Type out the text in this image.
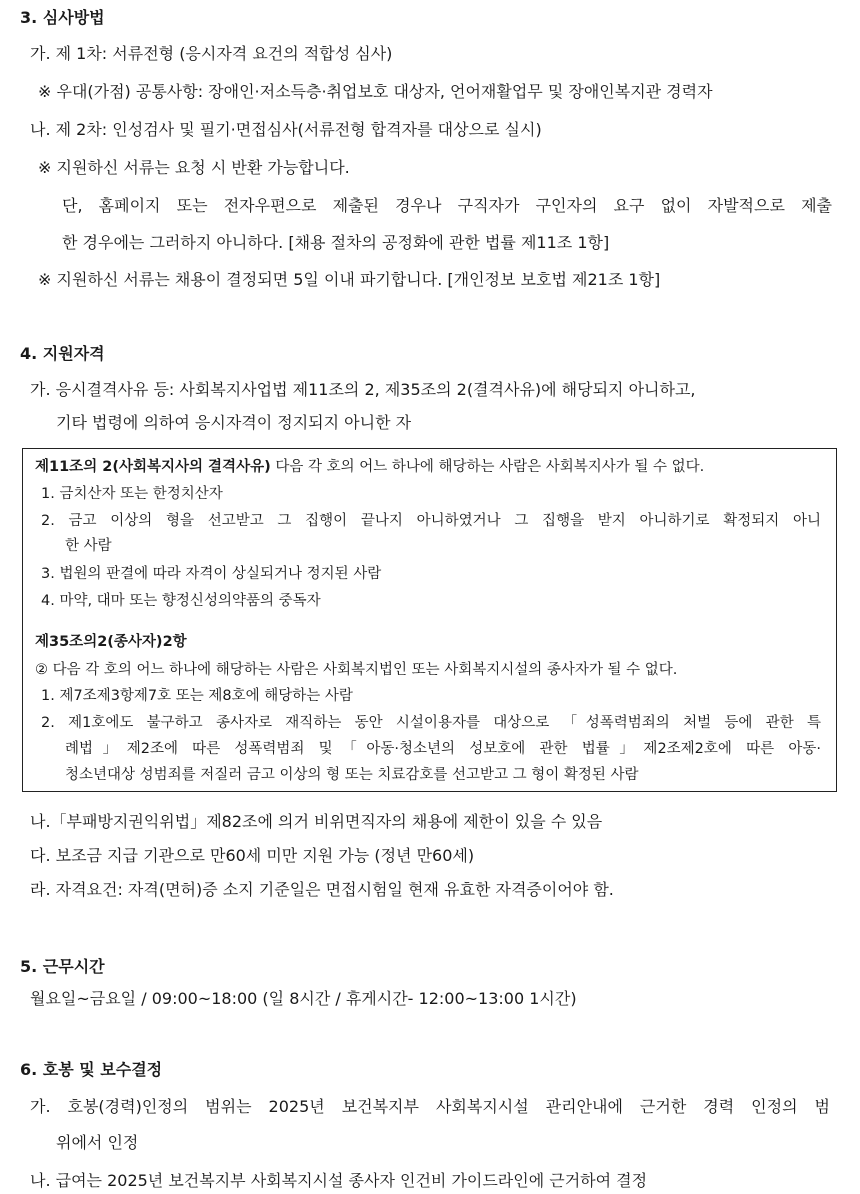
3. 심사방법
가. 제 1차: 서류전형 (응시자격 요건의 적합성 심사)
※ 우대(가점) 공통사항: 장애인·저소득층·취업보호 대상자, 언어재활업무 및 장애인복지관 경력자
나. 제 2차: 인성검사 및 필기·면접심사(서류전형 합격자를 대상으로 실시)
※ 지원하신 서류는 요청 시 반환 가능합니다.
단, 홈페이지 또는 전자우편으로 제출된 경우나 구직자가 구인자의 요구 없이 자발적으로 제출
한 경우에는 그러하지 아니하다. [채용 절차의 공정화에 관한 법률 제11조 1항]
※ 지원하신 서류는 채용이 결정되면 5일 이내 파기합니다. [개인정보 보호법 제21조 1항]
4. 지원자격
가. 응시결격사유 등: 사회복지사업법 제11조의 2, 제35조의 2(결격사유)에 해당되지 아니하고,
기타 법령에 의하여 응시자격이 정지되지 아니한 자
제11조의 2(사회복지사의 결격사유) 다음 각 호의 어느 하나에 해당하는 사람은 사회복지사가 될 수 없다.
1. 금치산자 또는 한정치산자
2. 금고 이상의 형을 선고받고 그 집행이 끝나지 아니하였거나 그 집행을 받지 아니하기로 확정되지 아니
한 사람
3. 법원의 판결에 따라 자격이 상실되거나 정지된 사람
4. 마약, 대마 또는 향정신성의약품의 중독자
제35조의2(종사자)2항
② 다음 각 호의 어느 하나에 해당하는 사람은 사회복지법인 또는 사회복지시설의 종사자가 될 수 없다.
1. 제7조제3항제7호 또는 제8호에 해당하는 사람
2. 제1호에도 불구하고 종사자로 재직하는 동안 시설이용자를 대상으로 「성폭력범죄의 처벌 등에 관한 특
례법」제2조에 따른 성폭력범죄 및「아동·청소년의 성보호에 관한 법률」제2조제2호에 따른 아동·
청소년대상 성범죄를 저질러 금고 이상의 형 또는 치료감호를 선고받고 그 형이 확정된 사람
나.「부패방지권익위법」제82조에 의거 비위면직자의 채용에 제한이 있을 수 있음
다. 보조금 지급 기관으로 만60세 미만 지원 가능 (정년 만60세)
라. 자격요건: 자격(면허)증 소지 기준일은 면접시험일 현재 유효한 자격증이어야 함.
5. 근무시간
월요일~금요일 / 09:00~18:00 (일 8시간 / 휴게시간- 12:00~13:00 1시간)
6. 호봉 및 보수결정
가. 호봉(경력)인정의 범위는 2025년 보건복지부 사회복지시설 관리안내에 근거한 경력 인정의 범
위에서 인정
나. 급여는 2025년 보건복지부 사회복지시설 종사자 인건비 가이드라인에 근거하여 결정
